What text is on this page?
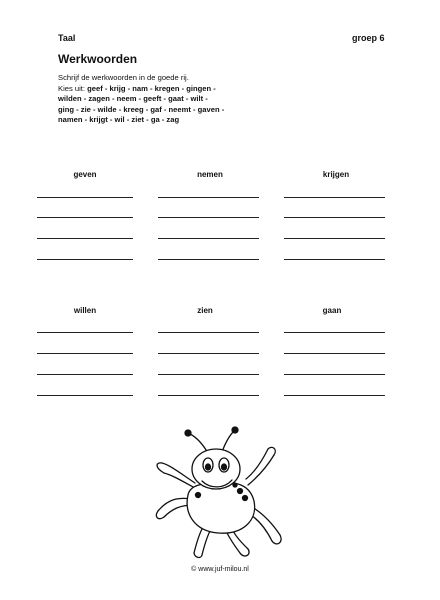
Taal	groep 6
Werkwoorden
Schrijf de werkwoorden in de goede rij.
Kies uit: geef - krijg - nam - kregen - gingen -
wilden - zagen - neem - geeft - gaat - wilt -
ging - zie - wilde - kreeg - gaf - neemt - gaven -
namen - krijgt - wil - ziet - ga - zag
geven	nemen	krijgen
willen	zien	gaan
© www.juf-milou.nl
